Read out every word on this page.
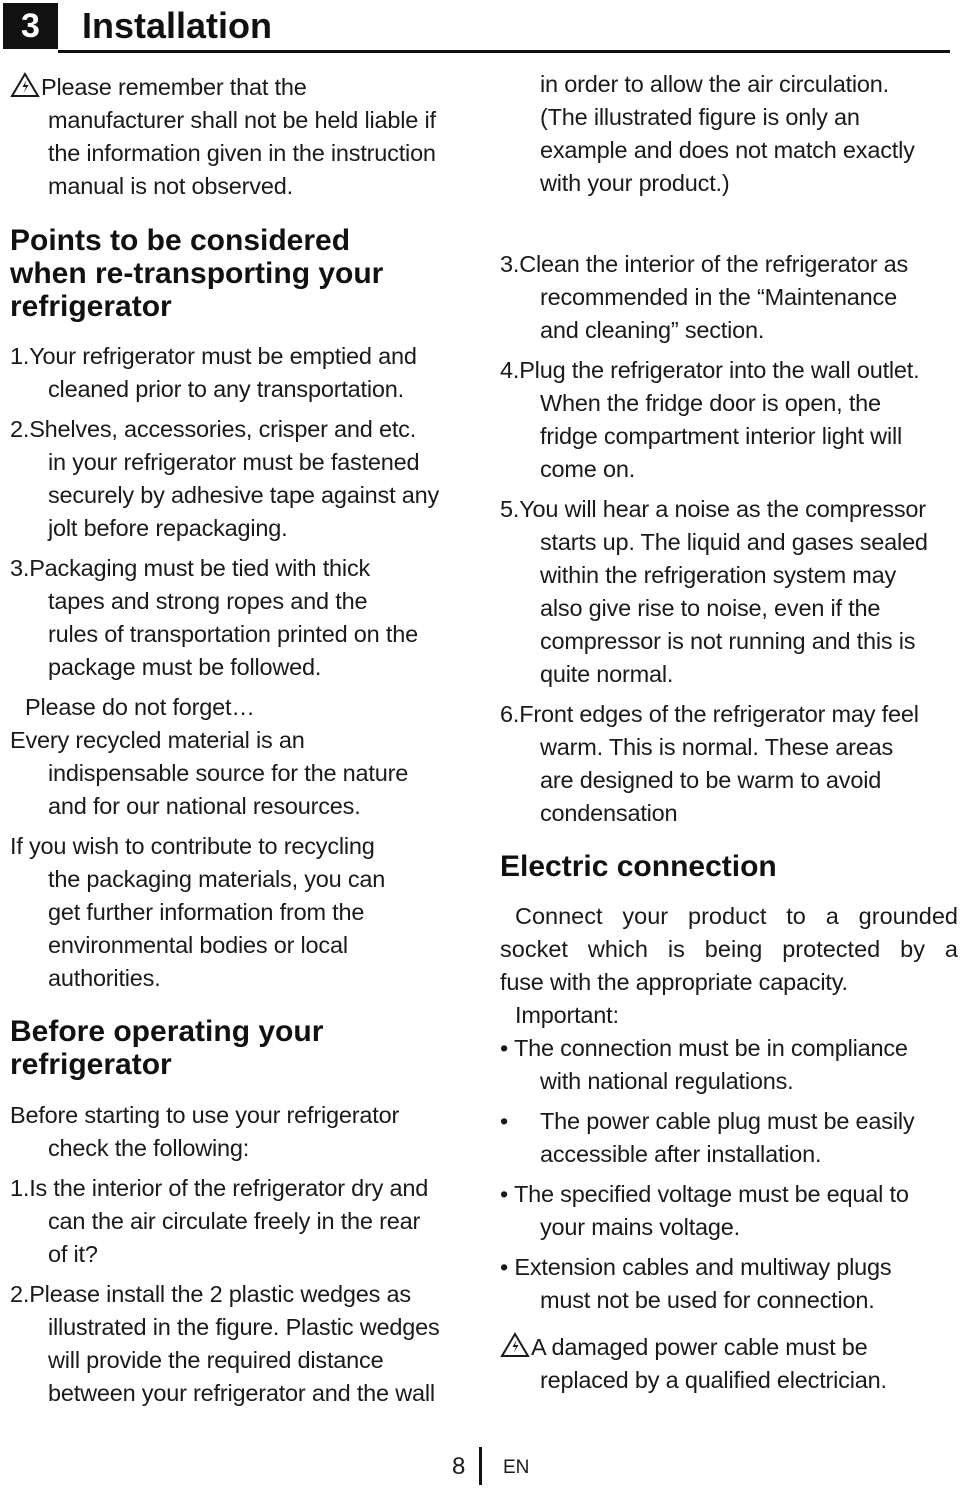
3	Installation
Please remember that the
manufacturer shall not be held liable if
the information given in the instruction
manual is not observed.
Points to be considered
when re-transporting your
refrigerator
1.Your refrigerator must be emptied and
cleaned prior to any transportation.
2.Shelves, accessories, crisper and etc.
in your refrigerator must be fastened
securely by adhesive tape against any
jolt before repackaging.
3.Packaging must be tied with thick
tapes and strong ropes and the
rules of transportation printed on the
package must be followed.
Please do not forget…
Every recycled material is an
indispensable source for the nature
and for our national resources.
If you wish to contribute to recycling
the packaging materials, you can
get further information from the
environmental bodies or local
authorities.
Before operating your
refrigerator
Before starting to use your refrigerator
check the following:
1.Is the interior of the refrigerator dry and
can the air circulate freely in the rear
of it?
2.Please install the 2 plastic wedges as
illustrated in the figure. Plastic wedges
will provide the required distance
between your refrigerator and the wall
in order to allow the air circulation.
(The illustrated figure is only an
example and does not match exactly
with your product.)
3.Clean the interior of the refrigerator as
recommended in the “Maintenance
and cleaning” section.
4.Plug the refrigerator into the wall outlet.
When the fridge door is open, the
fridge compartment interior light will
come on.
5.You will hear a noise as the compressor
starts up. The liquid and gases sealed
within the refrigeration system may
also give rise to noise, even if the
compressor is not running and this is
quite normal.
6.Front edges of the refrigerator may feel
warm. This is normal. These areas
are designed to be warm to avoid
condensation
Electric connection
Connect your product to a grounded
socket which is being protected by a
fuse with the appropriate capacity.
Important:
• The connection must be in compliance
with national regulations.
• The power cable plug must be easily
accessible after installation.
• The specified voltage must be equal to
your mains voltage.
• Extension cables and multiway plugs
must not be used for connection.
A damaged power cable must be
replaced by a qualified electrician.
8 EN
